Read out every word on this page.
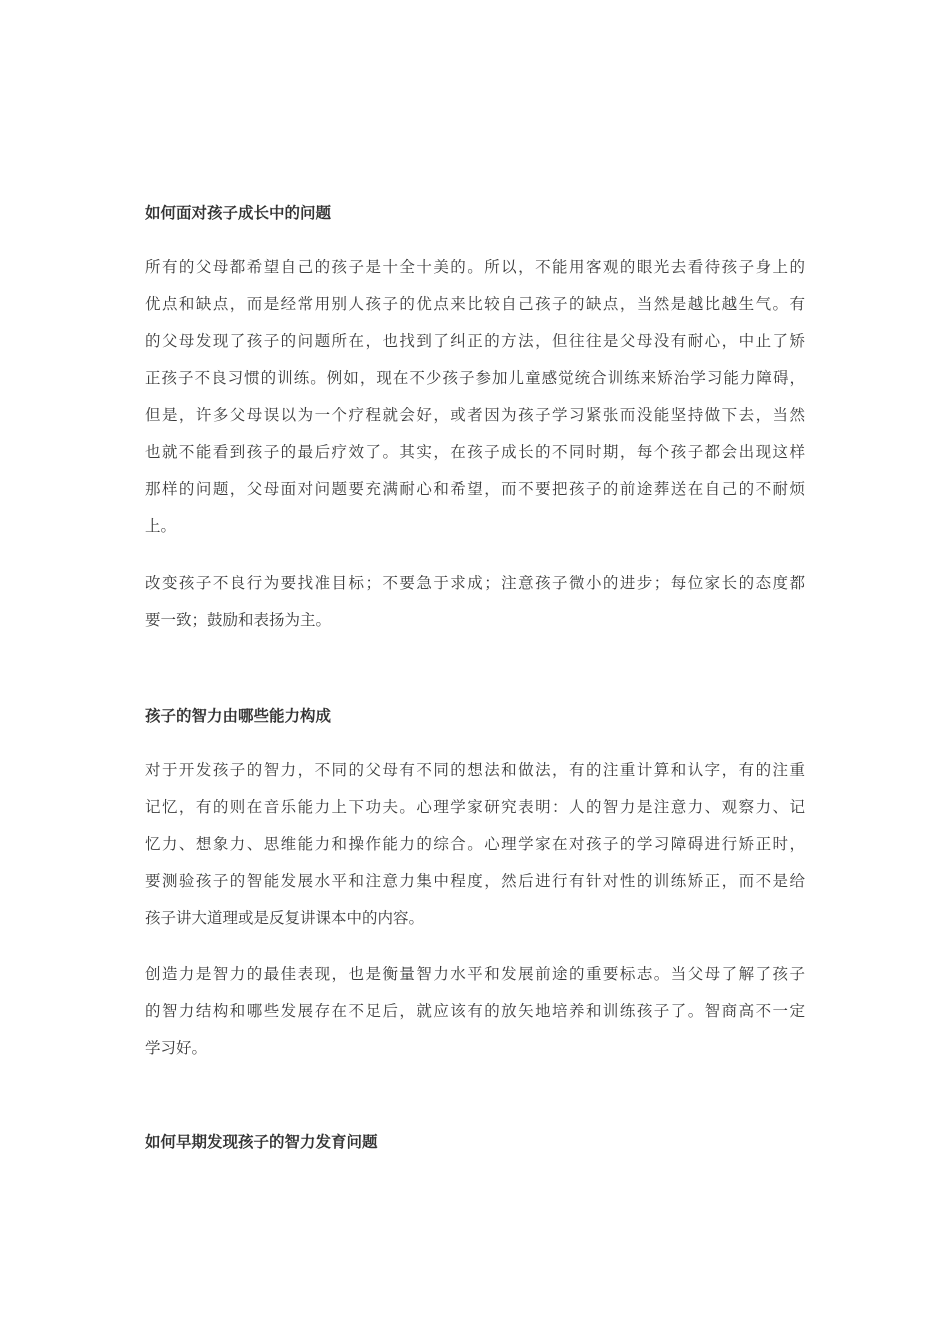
如何面对孩子成长中的问题
所有的父母都希望自己的孩子是十全十美的。所以，不能用客观的眼光去看待孩子身上的
优点和缺点，而是经常用别人孩子的优点来比较自己孩子的缺点，当然是越比越生气。有
的父母发现了孩子的问题所在，也找到了纠正的方法，但往往是父母没有耐心，中止了矫
正孩子不良习惯的训练。例如，现在不少孩子参加儿童感觉统合训练来矫治学习能力障碍，
但是，许多父母误以为一个疗程就会好，或者因为孩子学习紧张而没能坚持做下去，当然
也就不能看到孩子的最后疗效了。其实，在孩子成长的不同时期，每个孩子都会出现这样
那样的问题，父母面对问题要充满耐心和希望，而不要把孩子的前途葬送在自己的不耐烦
上。
改变孩子不良行为要找准目标；不要急于求成；注意孩子微小的进步；每位家长的态度都
要一致；鼓励和表扬为主。
孩子的智力由哪些能力构成
对于开发孩子的智力，不同的父母有不同的想法和做法，有的注重计算和认字，有的注重
记忆，有的则在音乐能力上下功夫。心理学家研究表明：人的智力是注意力、观察力、记
忆力、想象力、思维能力和操作能力的综合。心理学家在对孩子的学习障碍进行矫正时，
要测验孩子的智能发展水平和注意力集中程度，然后进行有针对性的训练矫正，而不是给
孩子讲大道理或是反复讲课本中的内容。
创造力是智力的最佳表现，也是衡量智力水平和发展前途的重要标志。当父母了解了孩子
的智力结构和哪些发展存在不足后，就应该有的放矢地培养和训练孩子了。智商高不一定
学习好。
如何早期发现孩子的智力发育问题
